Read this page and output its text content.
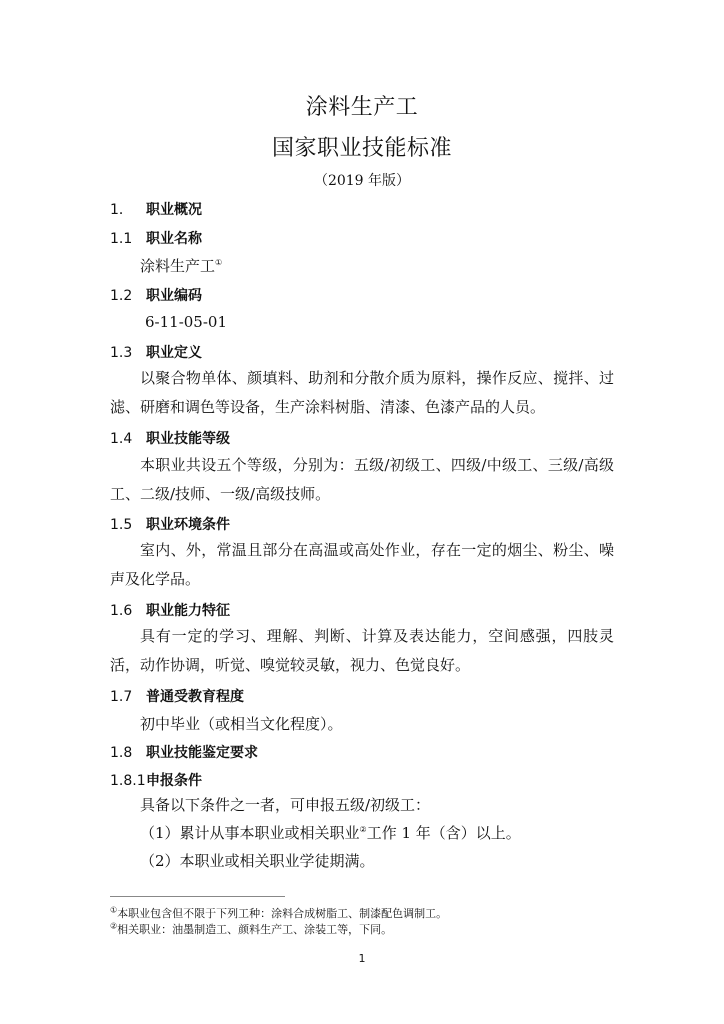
涂料生产工
国家职业技能标准
（2019 年版）
1． 职业概况
1.1 职业名称
涂料生产工①
1.2 职业编码
6-11-05-01
1.3 职业定义
以聚合物单体、颜填料、助剂和分散介质为原料，操作反应、搅拌、过滤、研磨和调色等设备，生产涂料树脂、清漆、色漆产品的人员。
1.4 职业技能等级
本职业共设五个等级，分别为：五级/初级工、四级/中级工、三级/高级工、二级/技师、一级/高级技师。
1.5 职业环境条件
室内、外，常温且部分在高温或高处作业，存在一定的烟尘、粉尘、噪声及化学品。
1.6 职业能力特征
具有一定的学习、理解、判断、计算及表达能力，空间感强，四肢灵活，动作协调，听觉、嗅觉较灵敏，视力、色觉良好。
1.7 普通受教育程度
初中毕业（或相当文化程度）。
1.8 职业技能鉴定要求
1.8.1申报条件
具备以下条件之一者，可申报五级/初级工：
（1）累计从事本职业或相关职业②工作 1 年（含）以上。
（2）本职业或相关职业学徒期满。
①本职业包含但不限于下列工种：涂料合成树脂工、制漆配色调制工。
②相关职业：油墨制造工、颜料生产工、涂装工等，下同。
1
